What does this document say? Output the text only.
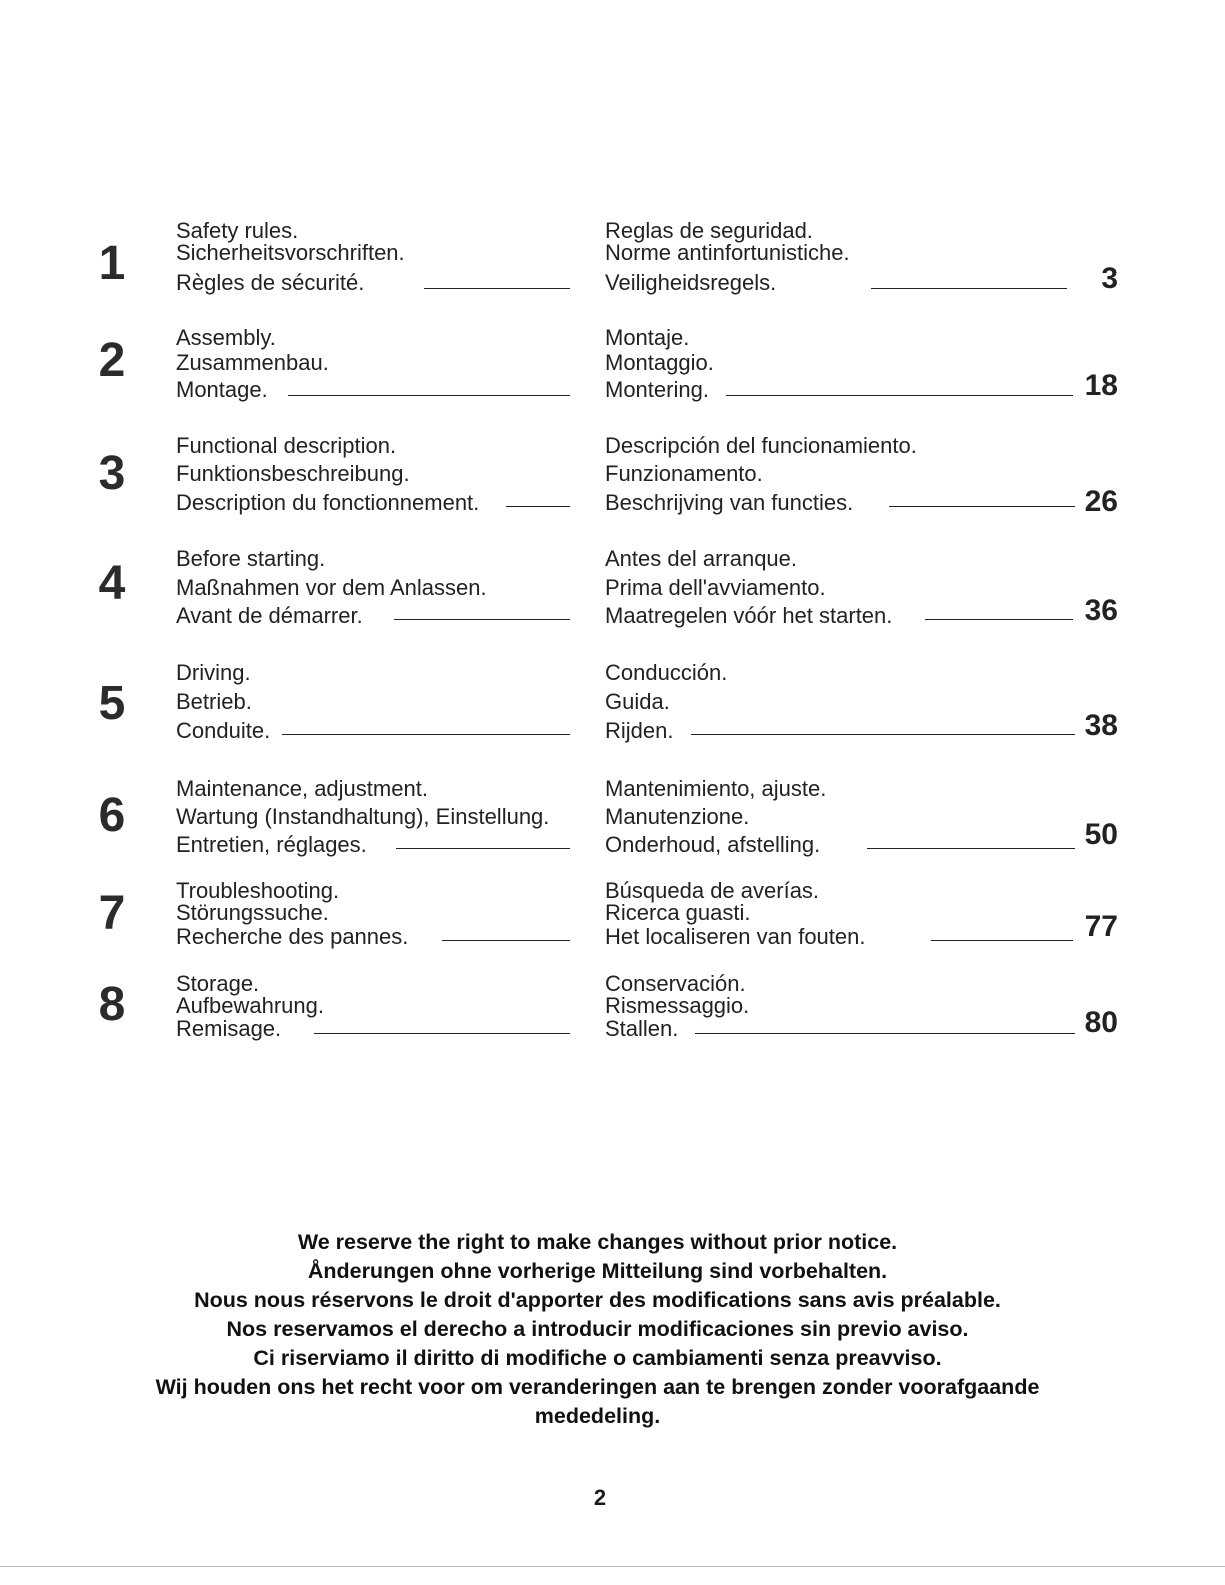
1
Safety rules.
Sicherheitsvorschriften.
Règles de sécurité.
Reglas de seguridad.
Norme antinfortunistiche.
Veiligheidsregels.	3
2	Assembly.
Zusammenbau.
Montage.
Montaje.
Montaggio.
Montering.	18
3
Functional description.
Funktionsbeschreibung.
Description du fonctionnement.
Descripción del funcionamiento.
Funzionamento.
Beschrijving van functies.	26
4	Before starting.
Maßnahmen vor dem Anlassen.
Avant de démarrer.
Antes del arranque.
Prima dell'avviamento.
Maatregelen vóór het starten.	36
5
Driving.
Betrieb.
Conduite.
Conducción.
Guida.
Rijden.	38
6
Maintenance, adjustment.
Wartung (Instandhaltung), Einstellung.
Entretien, réglages.
Mantenimiento, ajuste.
Manutenzione.
Onderhoud, afstelling.	50
7	Troubleshooting.
Störungssuche.
Recherche des pannes.
Búsqueda de averías.
Ricerca guasti.
Het localiseren van fouten.	77
8	Storage.
Aufbewahrung.
Remisage.
Conservación.
Rismessaggio.
Stallen.	80
We reserve the right to make changes without prior notice.
Ånderungen ohne vorherige Mitteilung sind vorbehalten.
Nous nous réservons le droit d'apporter des modifications sans avis préalable.
Nos reservamos el derecho a introducir modificaciones sin previo aviso.
Ci riserviamo il diritto di modifiche o cambiamenti senza preavviso.
Wij houden ons het recht voor om veranderingen aan te brengen zonder voorafgaande
mededeling.
2
